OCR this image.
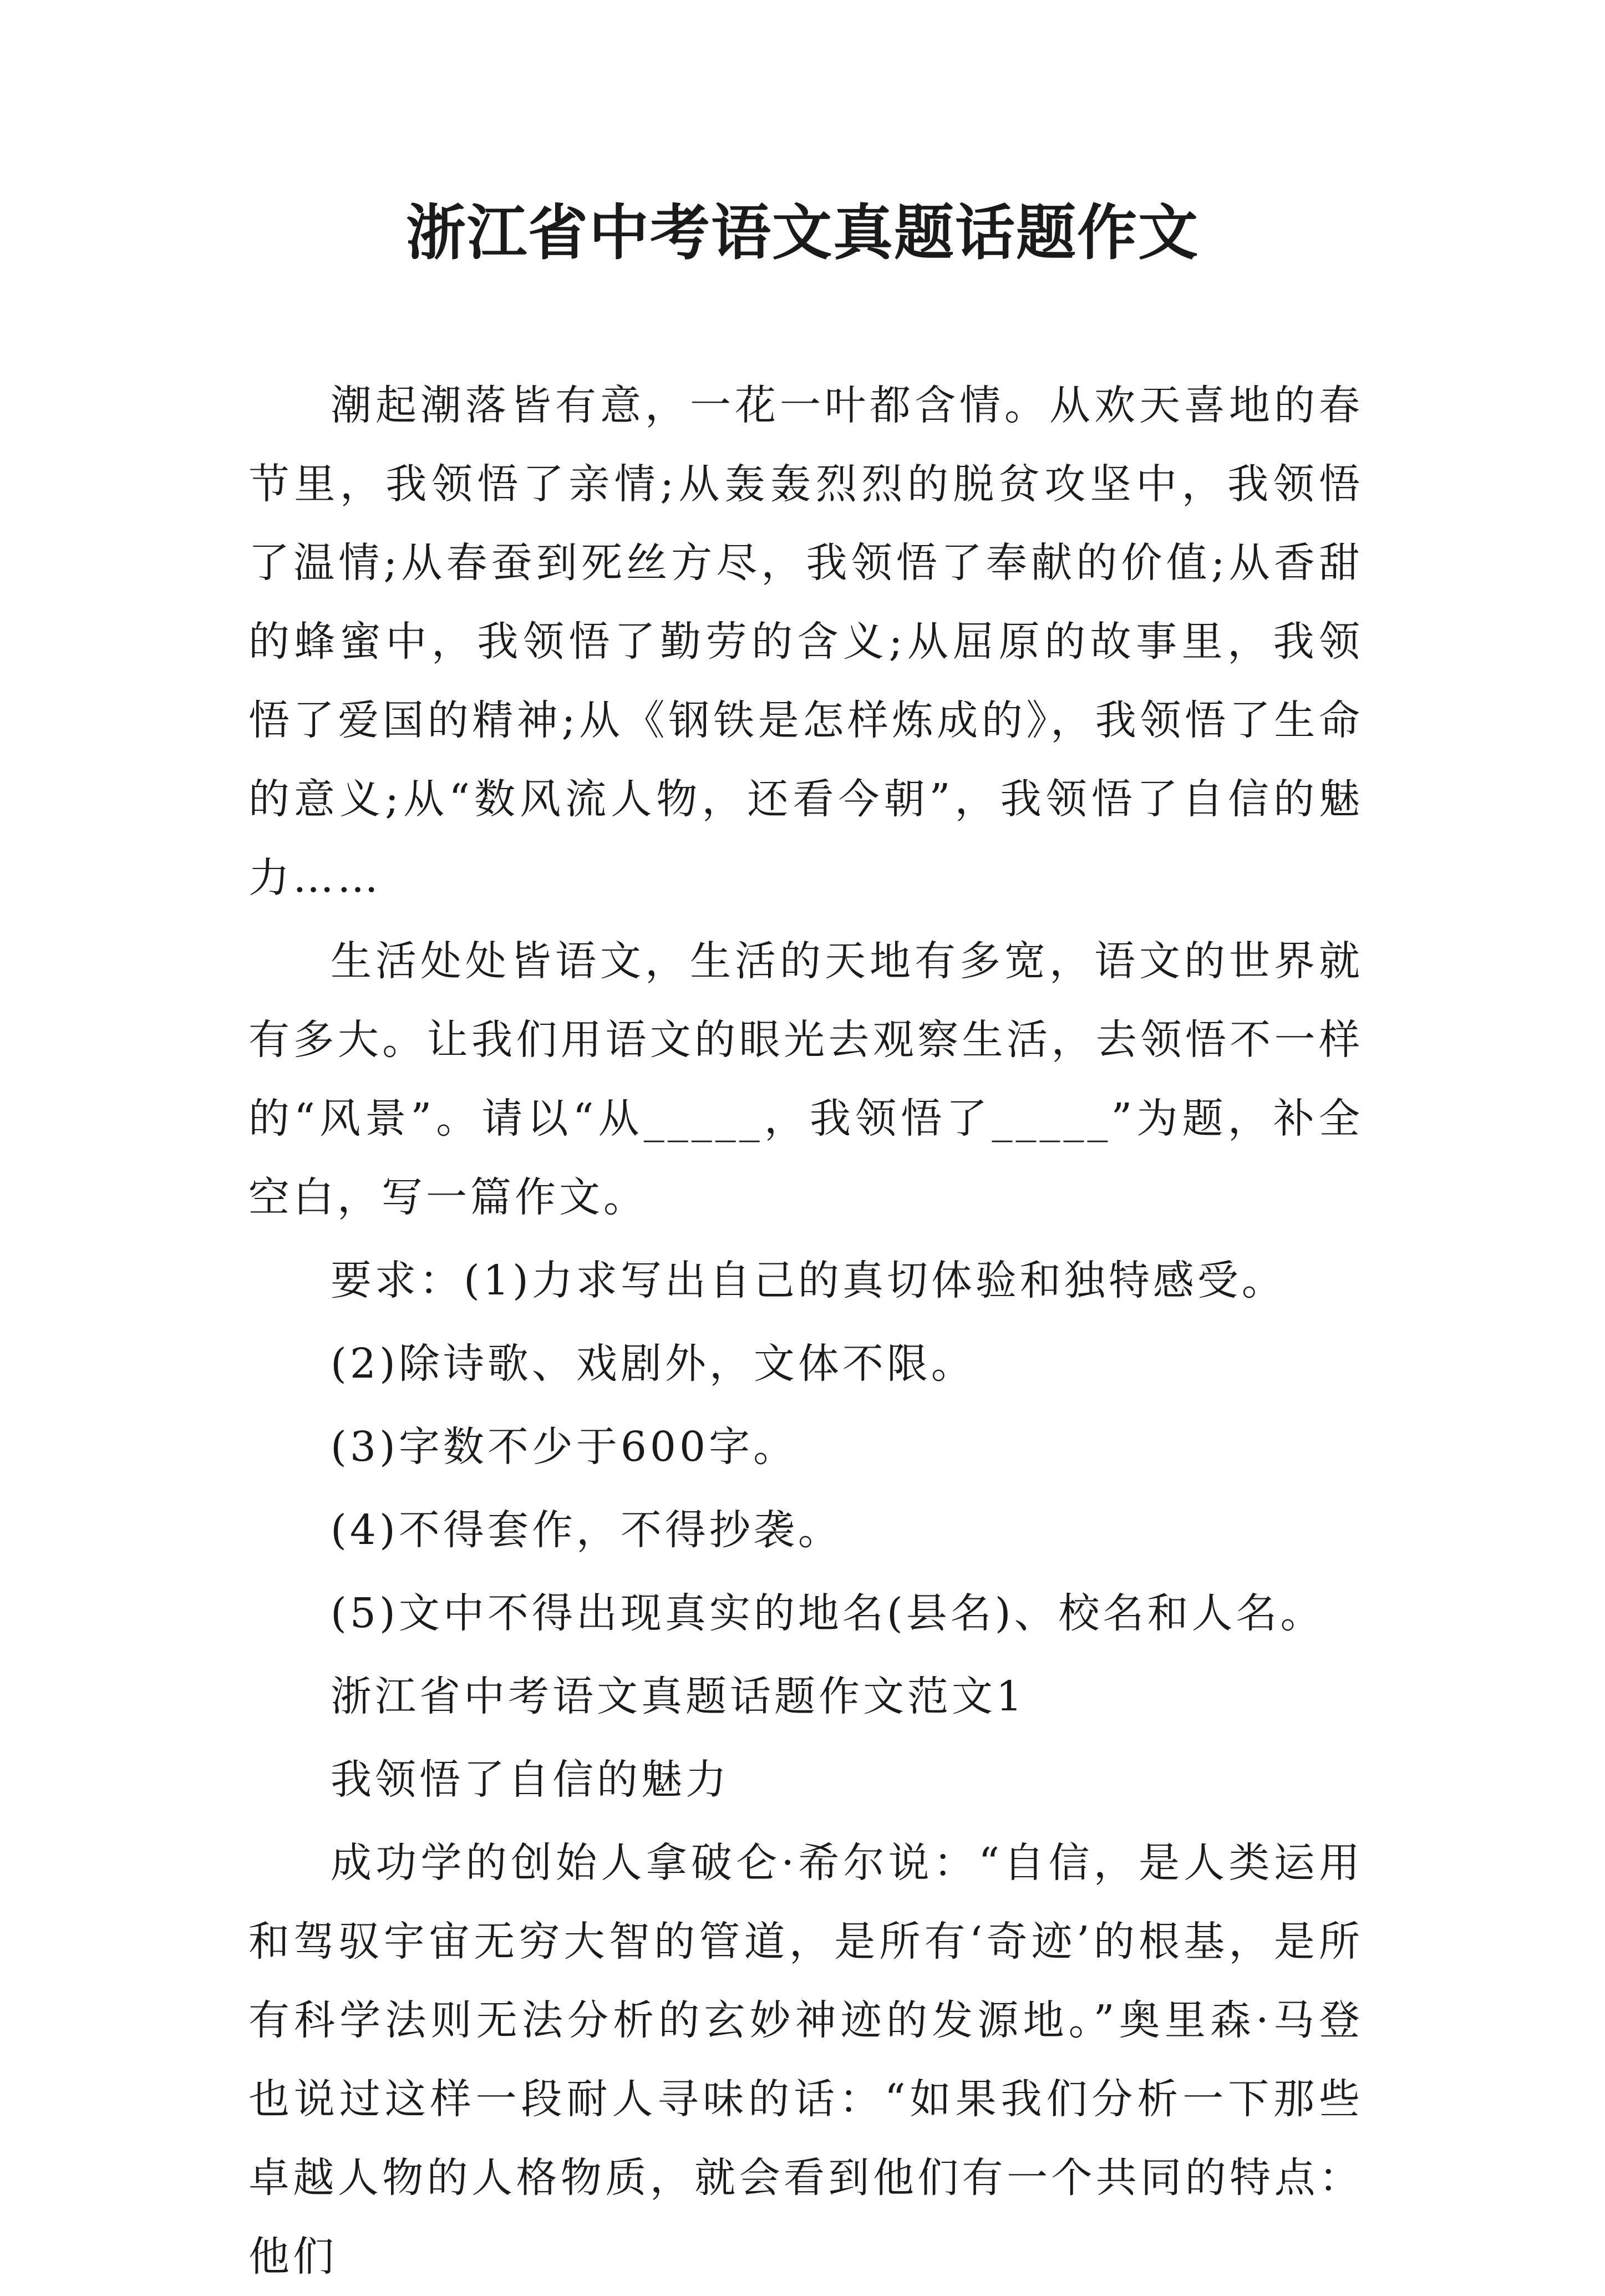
浙江省中考语文真题话题作文

潮起潮落皆有意，一花一叶都含情。从欢天喜地的春节里，我领悟了亲情;从轰轰烈烈的脱贫攻坚中，我领悟了温情;从春蚕到死丝方尽，我领悟了奉献的价值;从香甜的蜂蜜中，我领悟了勤劳的含义;从屈原的故事里，我领悟了爱国的精神;从《钢铁是怎样炼成的》，我领悟了生命的意义;从“数风流人物，还看今朝”，我领悟了自信的魅力……

生活处处皆语文，生活的天地有多宽，语文的世界就有多大。让我们用语文的眼光去观察生活，去领悟不一样的“风景”。请以“从_____，我领悟了_____”为题，补全空白，写一篇作文。

要求：(1)力求写出自己的真切体验和独特感受。

(2)除诗歌、戏剧外，文体不限。

(3)字数不少于600字。

(4)不得套作，不得抄袭。

(5)文中不得出现真实的地名(县名)、校名和人名。

浙江省中考语文真题话题作文范文1

我领悟了自信的魅力

成功学的创始人拿破仑·希尔说：“自信，是人类运用和驾驭宇宙无穷大智的管道，是所有‘奇迹’的根基，是所有科学法则无法分析的玄妙神迹的发源地。”奥里森·马登也说过这样一段耐人寻味的话：“如果我们分析一下那些卓越人物的人格物质，就会看到他们有一个共同的特点：他们
